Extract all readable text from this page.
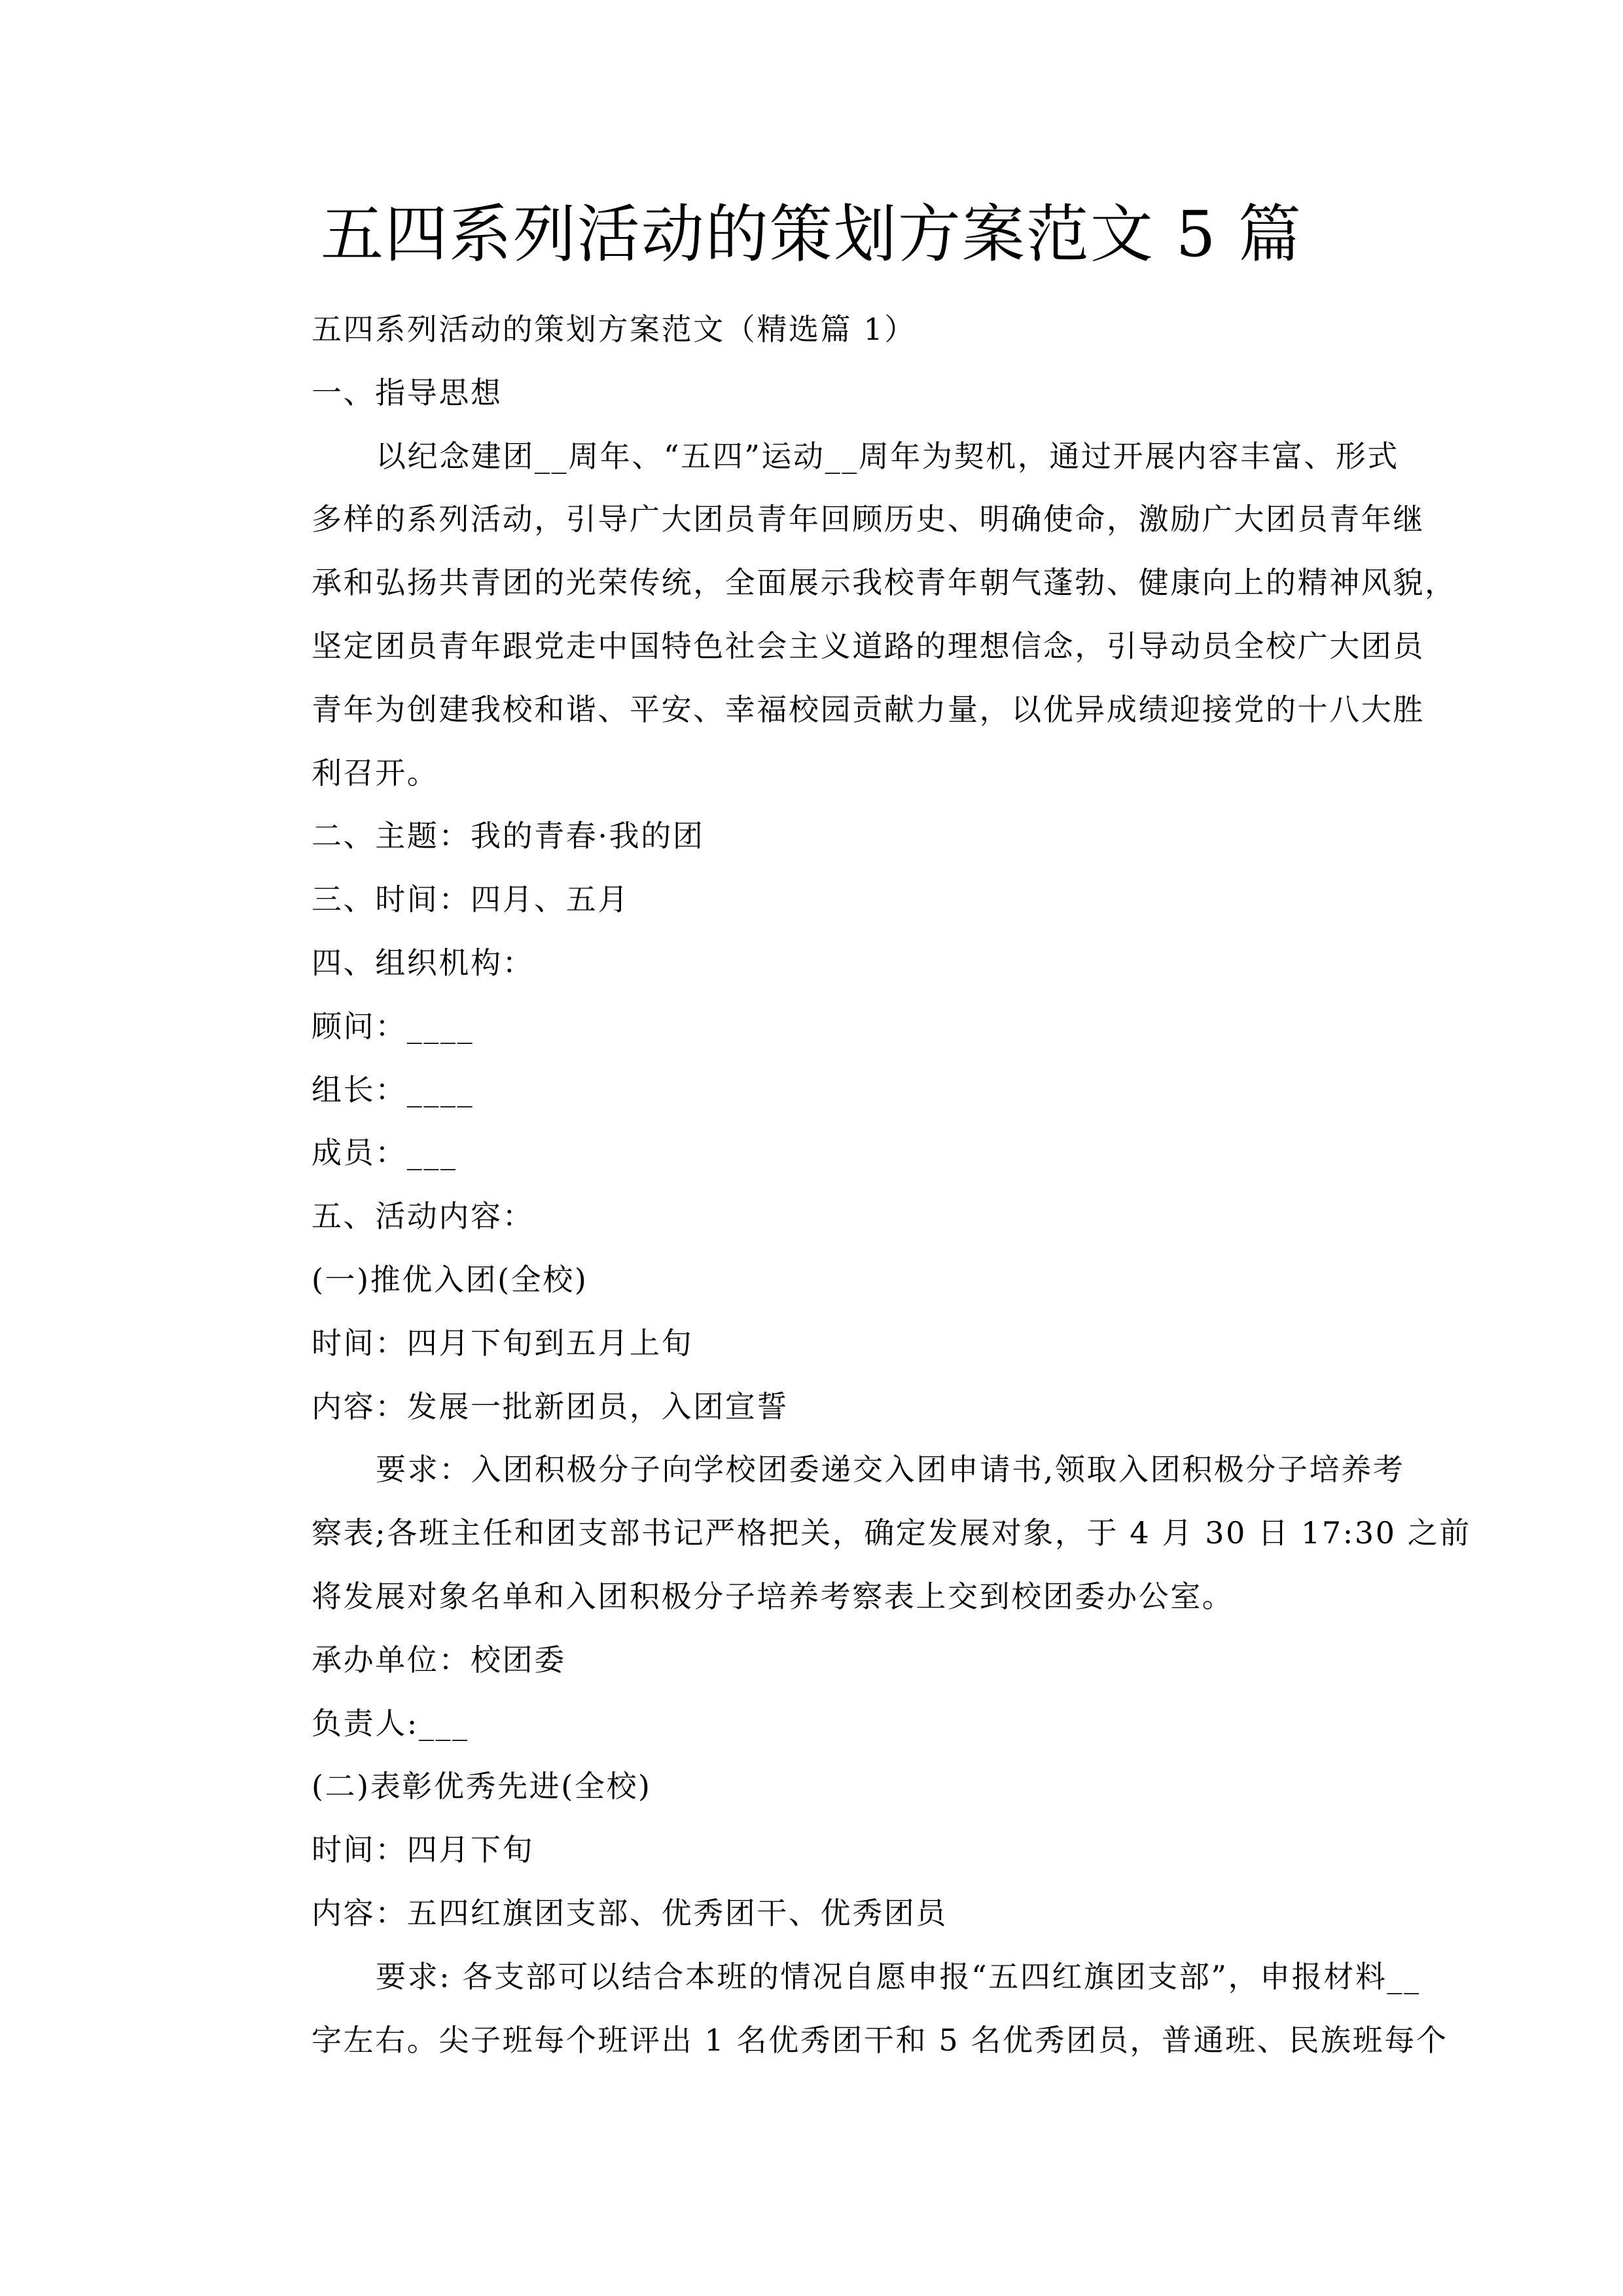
五四系列活动的策划方案范文 5 篇
五四系列活动的策划方案范文（精选篇 1）
一、指导思想
以纪念建团__周年、“五四”运动__周年为契机，通过开展内容丰富、形式
多样的系列活动，引导广大团员青年回顾历史、明确使命，激励广大团员青年继
承和弘扬共青团的光荣传统，全面展示我校青年朝气蓬勃、健康向上的精神风貌，
坚定团员青年跟党走中国特色社会主义道路的理想信念，引导动员全校广大团员
青年为创建我校和谐、平安、幸福校园贡献力量，以优异成绩迎接党的十八大胜
利召开。
二、主题：我的青春·我的团
三、时间：四月、五月
四、组织机构：
顾问：____
组长：____
成员：___
五、活动内容：
(一)推优入团(全校)
时间：四月下旬到五月上旬
内容：发展一批新团员，入团宣誓
要求：入团积极分子向学校团委递交入团申请书,领取入团积极分子培养考
察表;各班主任和团支部书记严格把关，确定发展对象，于 4 月 30 日 17:30 之前
将发展对象名单和入团积极分子培养考察表上交到校团委办公室。
承办单位：校团委
负责人:___
(二)表彰优秀先进(全校)
时间：四月下旬
内容：五四红旗团支部、优秀团干、优秀团员
要求: 各支部可以结合本班的情况自愿申报“五四红旗团支部”，申报材料__
字左右。尖子班每个班评出 1 名优秀团干和 5 名优秀团员，普通班、民族班每个
